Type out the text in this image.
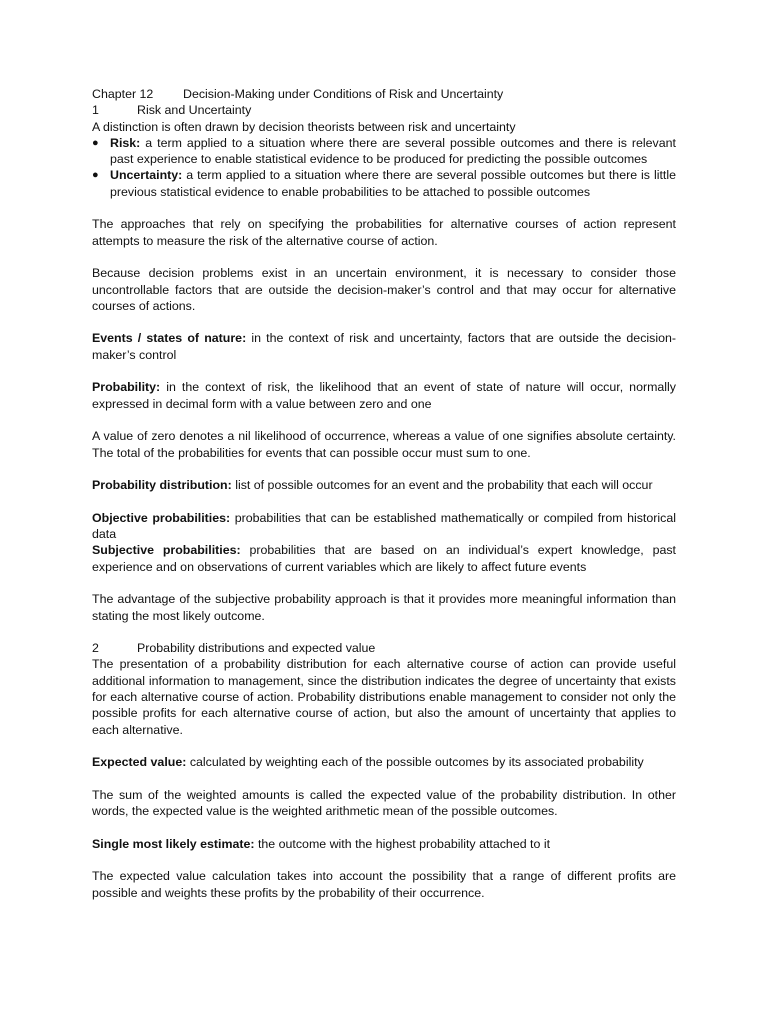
Chapter 12	Decision-Making under Conditions of Risk and Uncertainty
1	Risk and Uncertainty

A distinction is often drawn by decision theorists between risk and uncertainty

● Risk: a term applied to a situation where there are several possible outcomes and there is relevant past experience to enable statistical evidence to be produced for predicting the possible outcomes
● Uncertainty: a term applied to a situation where there are several possible outcomes but there is little previous statistical evidence to enable probabilities to be attached to possible outcomes

The approaches that rely on specifying the probabilities for alternative courses of action represent attempts to measure the risk of the alternative course of action.

Because decision problems exist in an uncertain environment, it is necessary to consider those uncontrollable factors that are outside the decision-maker’s control and that may occur for alternative courses of actions.

Events / states of nature: in the context of risk and uncertainty, factors that are outside the decision-maker’s control

Probability: in the context of risk, the likelihood that an event of state of nature will occur, normally expressed in decimal form with a value between zero and one

A value of zero denotes a nil likelihood of occurrence, whereas a value of one signifies absolute certainty. The total of the probabilities for events that can possible occur must sum to one.

Probability distribution: list of possible outcomes for an event and the probability that each will occur

Objective probabilities: probabilities that can be established mathematically or compiled from historical data

Subjective probabilities: probabilities that are based on an individual’s expert knowledge, past experience and on observations of current variables which are likely to affect future events

The advantage of the subjective probability approach is that it provides more meaningful information than stating the most likely outcome.

2	Probability distributions and expected value

The presentation of a probability distribution for each alternative course of action can provide useful additional information to management, since the distribution indicates the degree of uncertainty that exists for each alternative course of action. Probability distributions enable management to consider not only the possible profits for each alternative course of action, but also the amount of uncertainty that applies to each alternative.

Expected value: calculated by weighting each of the possible outcomes by its associated probability

The sum of the weighted amounts is called the expected value of the probability distribution. In other words, the expected value is the weighted arithmetic mean of the possible outcomes.

Single most likely estimate: the outcome with the highest probability attached to it

The expected value calculation takes into account the possibility that a range of different profits are possible and weights these profits by the probability of their occurrence.
